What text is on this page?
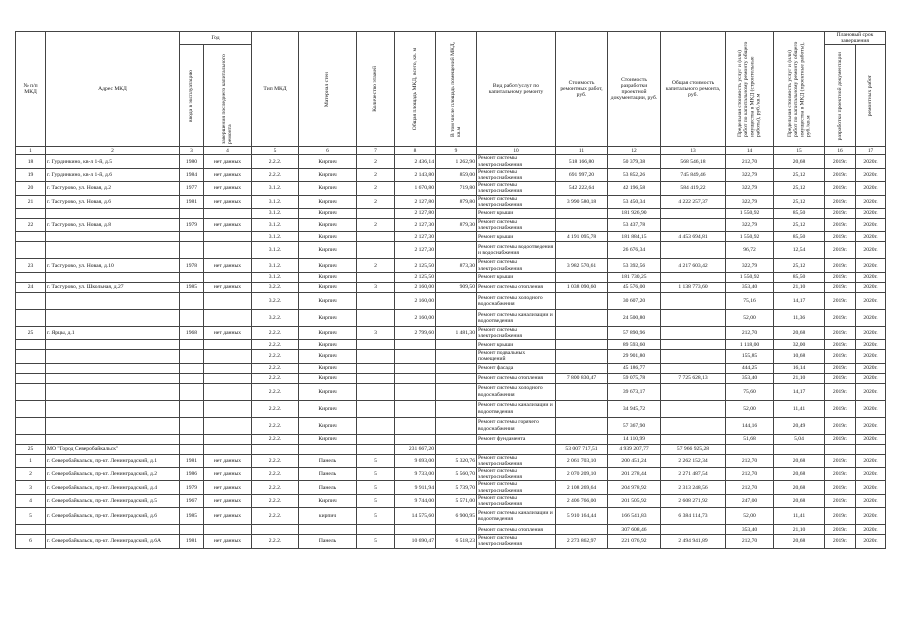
№ п/п МКД	Адрес МКД	Год		Тип МКД	Материал стен	Количество этажей	Общая площадь МКД, всего, кв. м	В том числе площадь помещений МКД, кв.м	Вид работ/услуг по капитальному ремонту	Стоимость ремонтных работ, руб.	Стоимость разработки проектной документации, руб.	Общая стоимость капитального ремонта, руб.	Предельная стоимость услуг и (или) работ по капитальному ремонту общего имущества в МКД (строительные работы), руб./кв.м	Предельная стоимость услуг и (или) работ по капитальному ремонту общего имущества в МКД (проектные работы), руб./кв.м	Плановый срок завершения	

		ввода в эксплуатацию	завершения последнего капитального ремонта												разработки проектной документации	ремонтных работ

1	2	3	4	5	6	7	8	9	10	11	12	13	14	15	16	17
18	г. Гурдинкино, кв-л 1-й, д.5	1980	нет данных	2.2.2.	Кирпич	2	2 436,14	1 262,90	Ремонт системы электроснабжения	518 166,80	50 379,38	568 546,18	212,70	20,68	2019г.	2020г.
19	г. Гурдинкино, кв-л 1-й, д.6	1984	нет данных	2.2.2.	Кирпич	2	2 143,80	859,00	Ремонт системы электроснабжения	691 997,20	53 852,26	745 849,46	322,79	25,12	2019г.	2020г.
20	г. Тасгурово, ул. Новая, д.2	1977	нет данных	3.1.2.	Кирпич	2	1 670,80	719,80	Ремонт системы электроснабжения	542 222,64	42 196,58	584 419,22	322,79	25,12	2019г.	2020г.
21	г. Тасгурово, ул. Новая, д.6	1981	нет данных	3.1.2.	Кирпич	2	2 127,80	879,80	Ремонт системы электроснабжения	3 990 580,18	53 450,34	4 222 257,37	322,79	25,12	2019г.	2020г.
				3.1.2.	Кирпич		2 127,80		Ремонт крыши		181 926,90		1 550,92	85,50	2019г.	2020г.
22	г. Тасгурово, ул. Новая, д.8	1979	нет данных	3.1.2.	Кирпич	2	2 127,30	879,30	Ремонт системы электроснабжения		53 437,78		322,79	25,12	2019г.	2020г.
				3.1.2.	Кирпич		2 127,30		Ремонт крыши	4 191 095,78	181 884,15	4 453 694,81	1 550,92	85,50	2019г.	2020г.
				3.1.2.	Кирпич		2 127,30		Ремонт системы водоотведения и водоснабжения		26 676,34		96,72	12,54	2019г.	2020г.
23	г. Тасгурово, ул. Новая, д.10	1978	нет данных	3.1.2.	Кирпич	2	2 125,50	873,30	Ремонт системы электроснабжения	3 982 570,61	53 392,56	4 217 603,42	322,79	25,12	2019г.	2020г.
				3.1.2.	Кирпич		2 125,50		Ремонт крыши		181 730,25		1 550,92	85,50	2019г.	2020г.
24	г. Тасгурово, ул. Школьная, д.27	1985	нет данных	3.2.2.	Кирпич	3	2 160,00	909,50	Ремонт системы отопления	1 038 090,60	45 576,00	1 138 773,60	353,40	21,10	2019г.	2020г.
				3.2.2.	Кирпич		2 160,00		Ремонт системы холодного водоснабжения		30 607,20		75,16	14,17	2019г.	2020г.
				3.2.2.	Кирпич		2 160,00		Ремонт системы канализации и водоотведения		24 500,80		52,00	11,36	2019г.	2020г.
25	г. Ярцы, д.1	1968	нет данных	2.2.2.	Кирпич	3	2 799,60	1 481,30	Ремонт системы электроснабжения		57 890,96		212,70	20,68	2019г.	2020г.
				2.2.2.	Кирпич				Ремонт крыши		89 593,60		1 118,00	32,00	2019г.	2020г.
				2.2.2.	Кирпич				Ремонт подвальных помещений		29 901,80		155,85	10,68	2019г.	2020г.
				2.2.2.	Кирпич				Ремонт фасада		45 186,77		444,25	16,14	2019г.	2020г.
				2.2.2.	Кирпич				Ремонт системы отопления	7 800 830,47	59 075,78	7 725 628,13	353,40	21,10	2019г.	2020г.
				2.2.2.	Кирпич				Ремонт системы холодного водоснабжения		39 673,17		75,60	14,17	2019г.	2020г.
				2.2.2.	Кирпич				Ремонт системы канализации и водоотведения		34 945,72		52,00	11,41	2019г.	2020г.
				2.2.2.	Кирпич				Ремонт системы горячего водоснабжения		57 367,90		144,16	20,49	2019г.	2020г.
				2.2.2.	Кирпич				Ремонт фундамента		14 110,99		51,68	5,04	2019г.	2020г.
25	МО "Город Северобайкальск"						231 667,20			53 007 717,51	4 939 207,77	57 966 925,28				
1	г. Северобайкальск, пр-кт. Ленинградский, д.1	1981	нет данных	2.2.2.	Панель	5	9 693,00	5 320,76	Ремонт системы электроснабжения	2 061 703,10	200 451,24	2 262 152,34	212,70	20,68	2019г.	2020г.
2	г. Северобайкальск, пр-кт. Ленинградский, д.2	1986	нет данных	2.2.2.	Панель	5	9 733,00	5 560,70	Ремонт системы электроснабжения	2 070 209,10	201 278,44	2 271 487,54	212,70	20,68	2019г.	2020г.
3	г. Северобайкальск, пр-кт. Ленинградский, д.4	1979	нет данных	2.2.2.	Панель	5	9 911,94	5 739,70	Ремонт системы электроснабжения	2 108 269,64	204 978,92	2 313 248,56	212,70	20,68	2019г.	2020г.
4	г. Северобайкальск, пр-кт. Ленинградский, д.5	1967	нет данных	2.2.2.	Кирпич	5	9 744,00	5 571,00	Ремонт системы электроснабжения	2 406 766,00	201 505,92	2 608 271,92	247,00	20,68	2019г.	2020г.
5	г. Северобайкальск, пр-кт. Ленинградский, д.6	1985	нет данных	2.2.2.	кирпич	5	14 575,60	6 900,95	Ремонт системы канализации и водоотведения	5 910 164,44	166 541,83	6 384 114,73	52,00	11,41	2019г.	2020г.
									Ремонт системы отопления		307 608,46		353,40	21,10	2019г.	2020г.
6	г. Северобайкальск, пр-кт. Ленинградский, д.6А	1981	нет данных	2.2.2.	Панель	5	10 690,47	6 518,23	Ремонт системы электроснабжения	2 273 862,97	221 076,92	2 494 941,89	212,70	20,68	2019г.	2020г.
